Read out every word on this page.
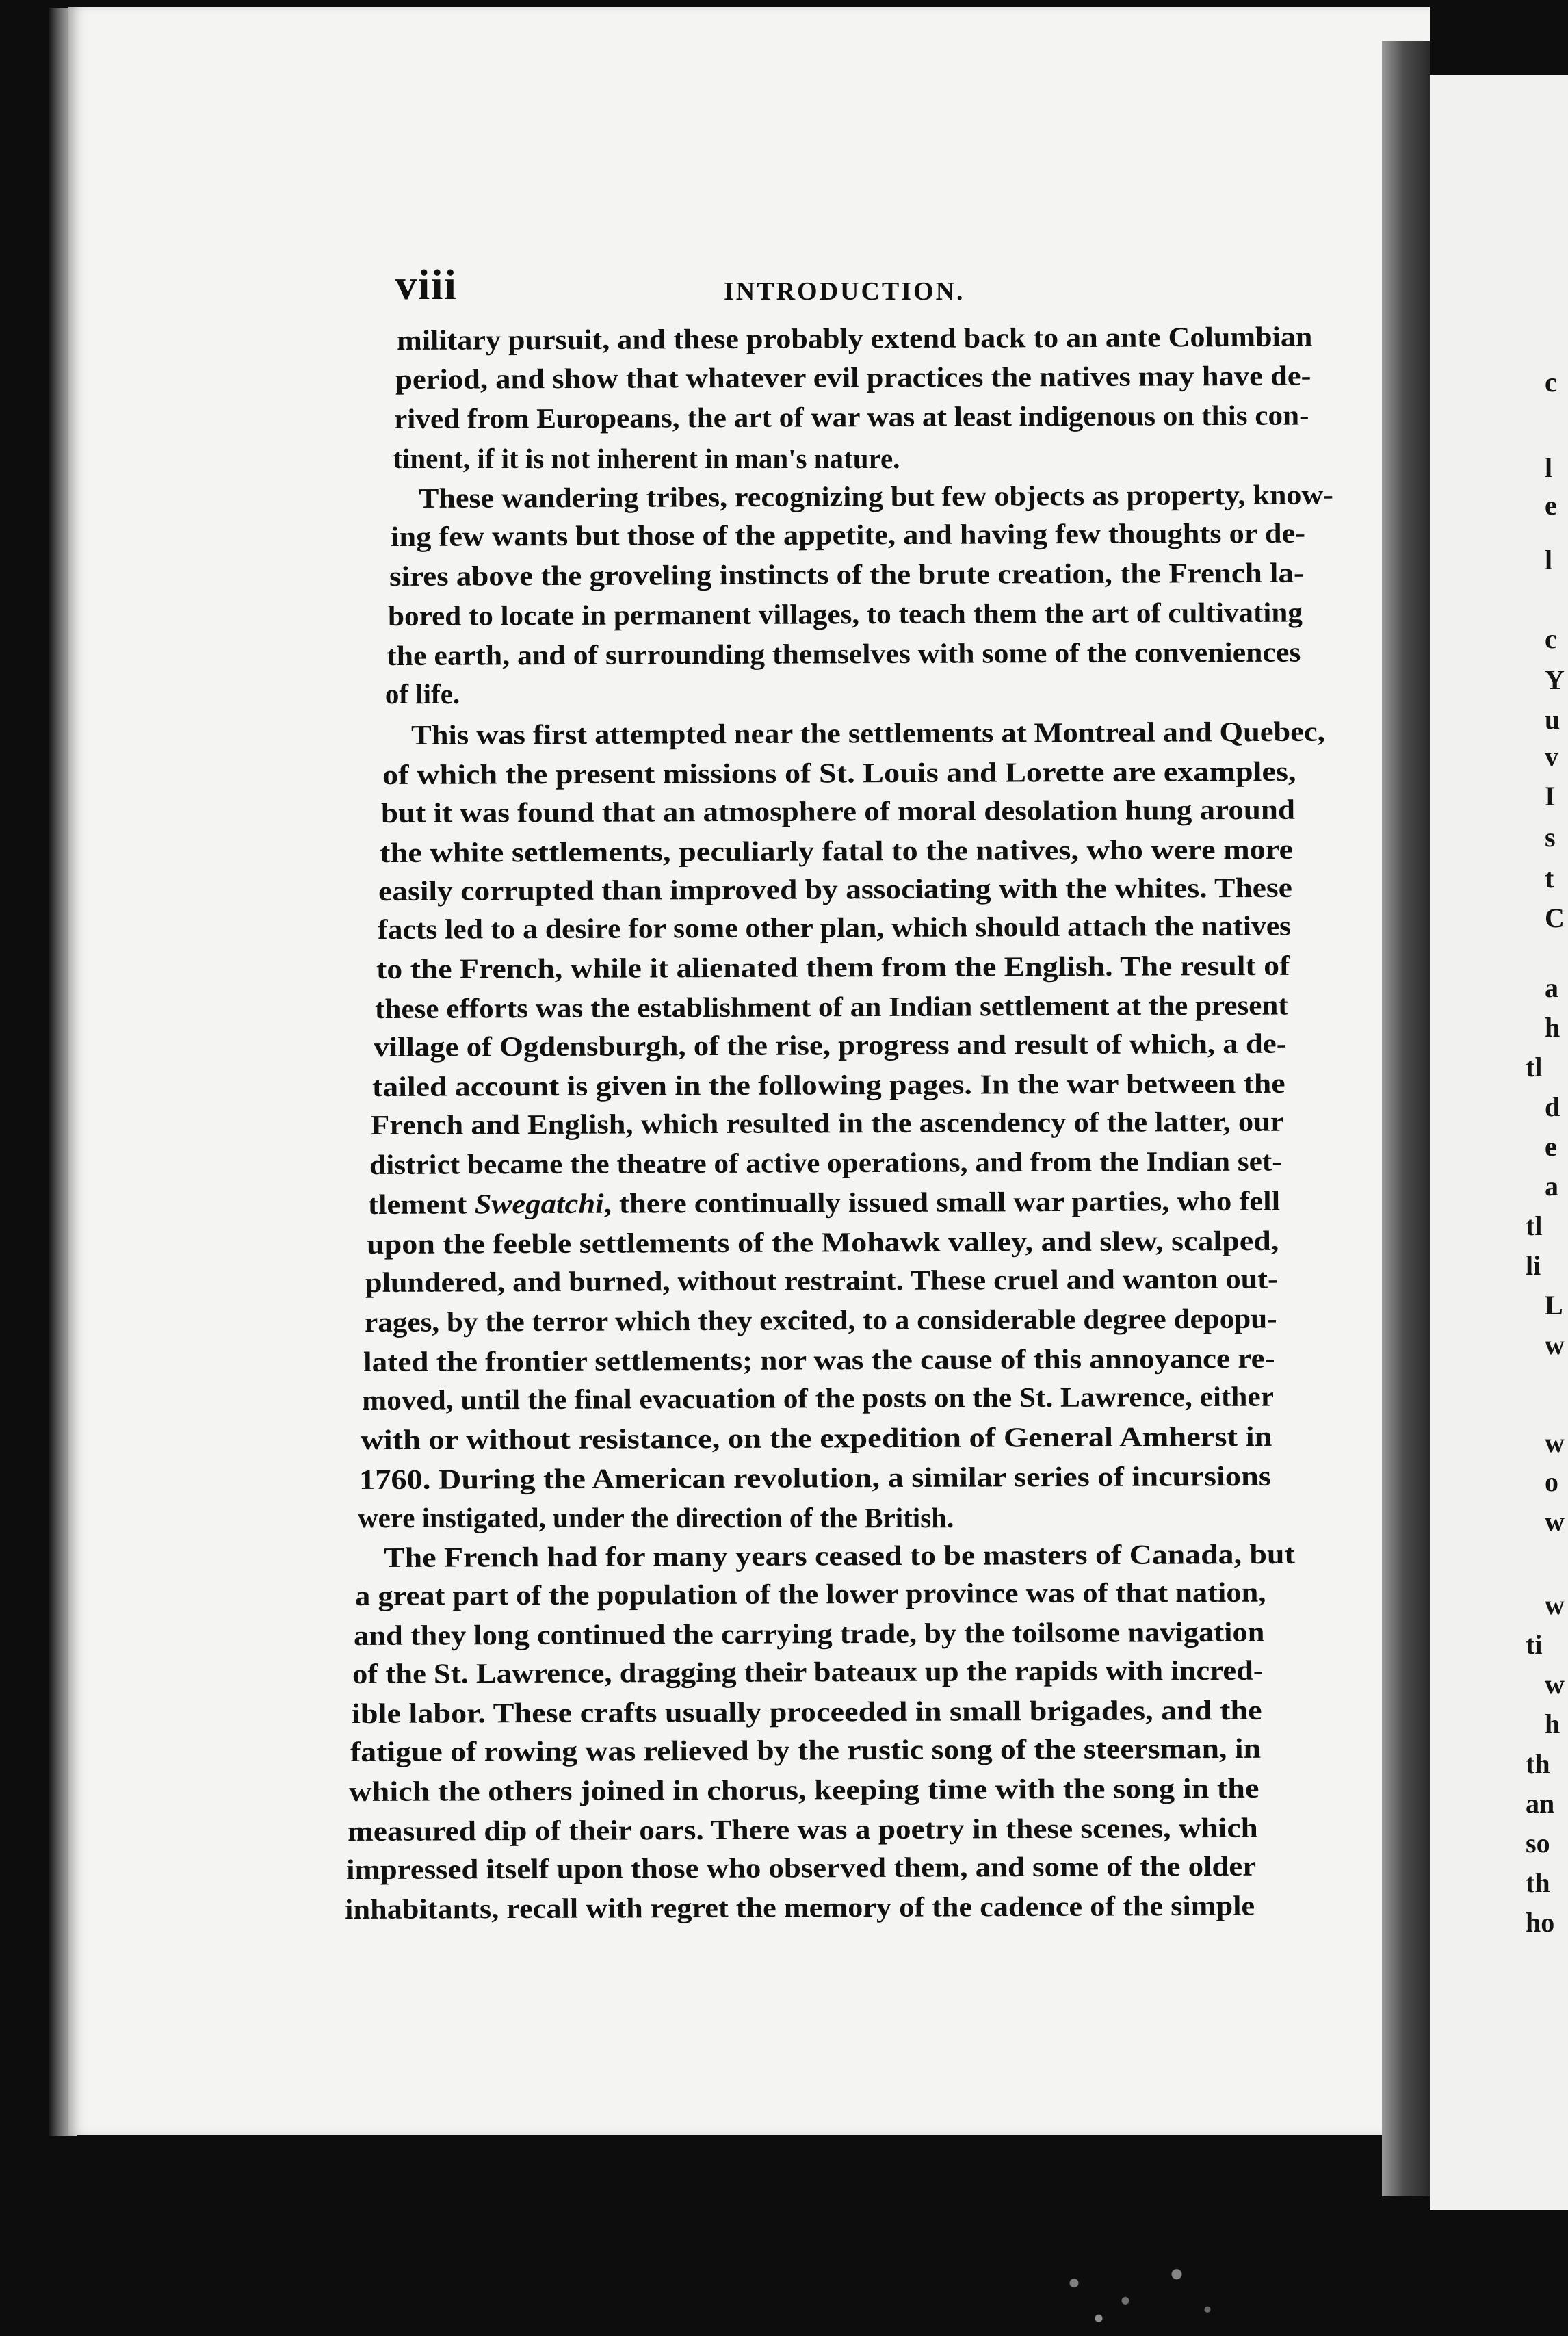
viii	INTRODUCTION.
military pursuit, and these probably extend back to an ante Columbian
period, and show that whatever evil practices the natives may have de-
rived from Europeans, the art of war was at least indigenous on this con-
tinent, if it is not inherent in man's nature.
These wandering tribes, recognizing but few objects as property, know-
ing few wants but those of the appetite, and having few thoughts or de-
sires above the groveling instincts of the brute creation, the French la-
bored to locate in permanent villages, to teach them the art of cultivating
the earth, and of surrounding themselves with some of the conveniences
of life.
This was first attempted near the settlements at Montreal and Quebec,
of which the present missions of St. Louis and Lorette are examples,
but it was found that an atmosphere of moral desolation hung around
the white settlements, peculiarly fatal to the natives, who were more
easily corrupted than improved by associating with the whites. These
facts led to a desire for some other plan, which should attach the natives
to the French, while it alienated them from the English. The result of
these efforts was the establishment of an Indian settlement at the present
village of Ogdensburgh, of the rise, progress and result of which, a de-
tailed account is given in the following pages. In the war between the
French and English, which resulted in the ascendency of the latter, our
district became the theatre of active operations, and from the Indian set-
tlement Swegatchi, there continually issued small war parties, who fell
upon the feeble settlements of the Mohawk valley, and slew, scalped,
plundered, and burned, without restraint. These cruel and wanton out-
rages, by the terror which they excited, to a considerable degree depopu-
lated the frontier settlements; nor was the cause of this annoyance re-
moved, until the final evacuation of the posts on the St. Lawrence, either
with or without resistance, on the expedition of General Amherst in
1760. During the American revolution, a similar series of incursions
were instigated, under the direction of the British.
The French had for many years ceased to be masters of Canada, but
a great part of the population of the lower province was of that nation,
and they long continued the carrying trade, by the toilsome navigation
of the St. Lawrence, dragging their bateaux up the rapids with incred-
ible labor. These crafts usually proceeded in small brigades, and the
fatigue of rowing was relieved by the rustic song of the steersman, in
which the others joined in chorus, keeping time with the song in the
measured dip of their oars. There was a poetry in these scenes, which
impressed itself upon those who observed them, and some of the older
inhabitants, recall with regret the memory of the cadence of the simple
c
l
e
l
c
Y
u
v
I
s
t
C
a
h
tl
d
e
a
tl
li
L
w
w
o
w
w
ti
w
h
th
an
so
th
ho
